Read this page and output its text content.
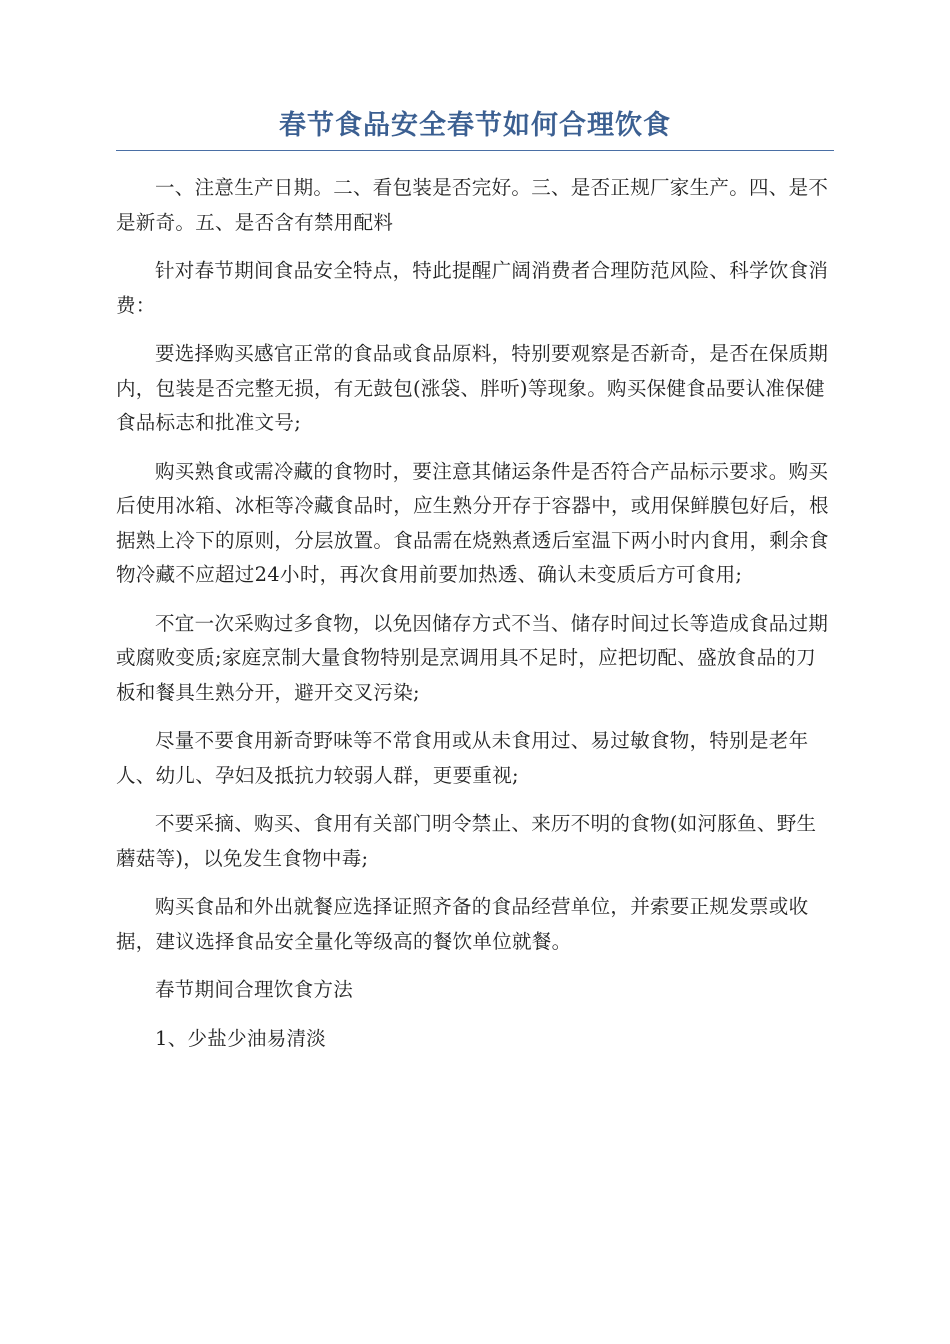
春节食品安全春节如何合理饮食

一、注意生产日期。二、看包装是否完好。三、是否正规厂家生产。四、是不是新奇。五、是否含有禁用配料

针对春节期间食品安全特点，特此提醒广阔消费者合理防范风险、科学饮食消费：

要选择购买感官正常的食品或食品原料，特别要观察是否新奇，是否在保质期内，包装是否完整无损，有无鼓包(涨袋、胖听)等现象。购买保健食品要认准保健食品标志和批准文号;

购买熟食或需冷藏的食物时，要注意其储运条件是否符合产品标示要求。购买后使用冰箱、冰柜等冷藏食品时，应生熟分开存于容器中，或用保鲜膜包好后，根据熟上冷下的原则，分层放置。食品需在烧熟煮透后室温下两小时内食用，剩余食物冷藏不应超过24小时，再次食用前要加热透、确认未变质后方可食用;

不宜一次采购过多食物，以免因储存方式不当、储存时间过长等造成食品过期或腐败变质;家庭烹制大量食物特别是烹调用具不足时，应把切配、盛放食品的刀板和餐具生熟分开，避开交叉污染;

尽量不要食用新奇野味等不常食用或从未食用过、易过敏食物，特别是老年人、幼儿、孕妇及抵抗力较弱人群，更要重视;

不要采摘、购买、食用有关部门明令禁止、来历不明的食物(如河豚鱼、野生蘑菇等)，以免发生食物中毒;

购买食品和外出就餐应选择证照齐备的食品经营单位，并索要正规发票或收据，建议选择食品安全量化等级高的餐饮单位就餐。

春节期间合理饮食方法

1、少盐少油易清淡
